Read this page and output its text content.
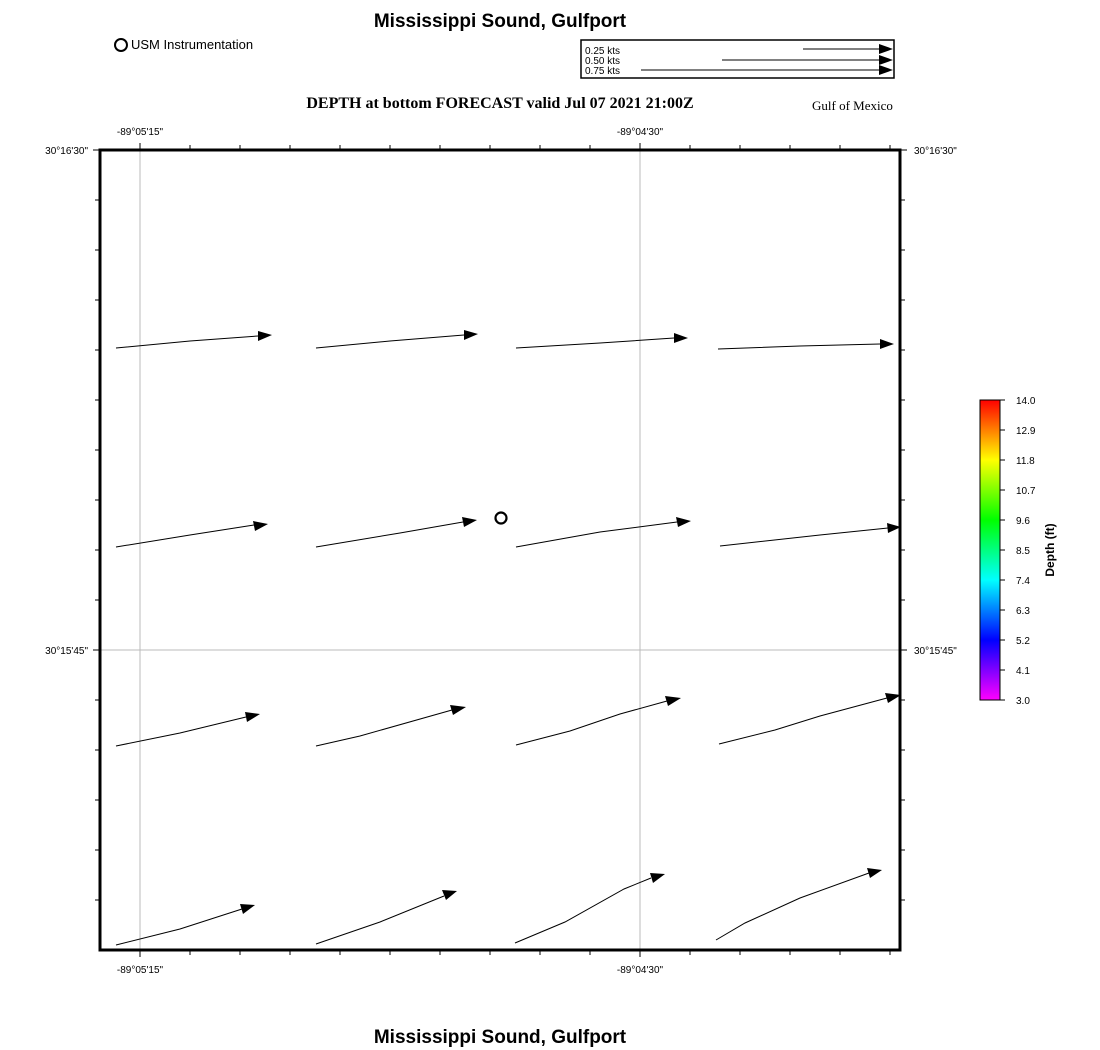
Mississippi Sound, Gulfport
USM Instrumentation
DEPTH at bottom FORECAST valid Jul 07 2021 21:00Z	Gulf of Mexico
0.25 kts
0.50 kts
0.75 kts
-89°05'15"	-89°04'30"
-89°05'15"	-89°04'30"
30°16'30"
30°15'45"
30°16'30"
30°15'45"
14.0
12.9
11.8
10.7
9.6
8.5
7.4
6.3
5.2
4.1
3.0
Depth (ft)
Mississippi Sound, Gulfport
